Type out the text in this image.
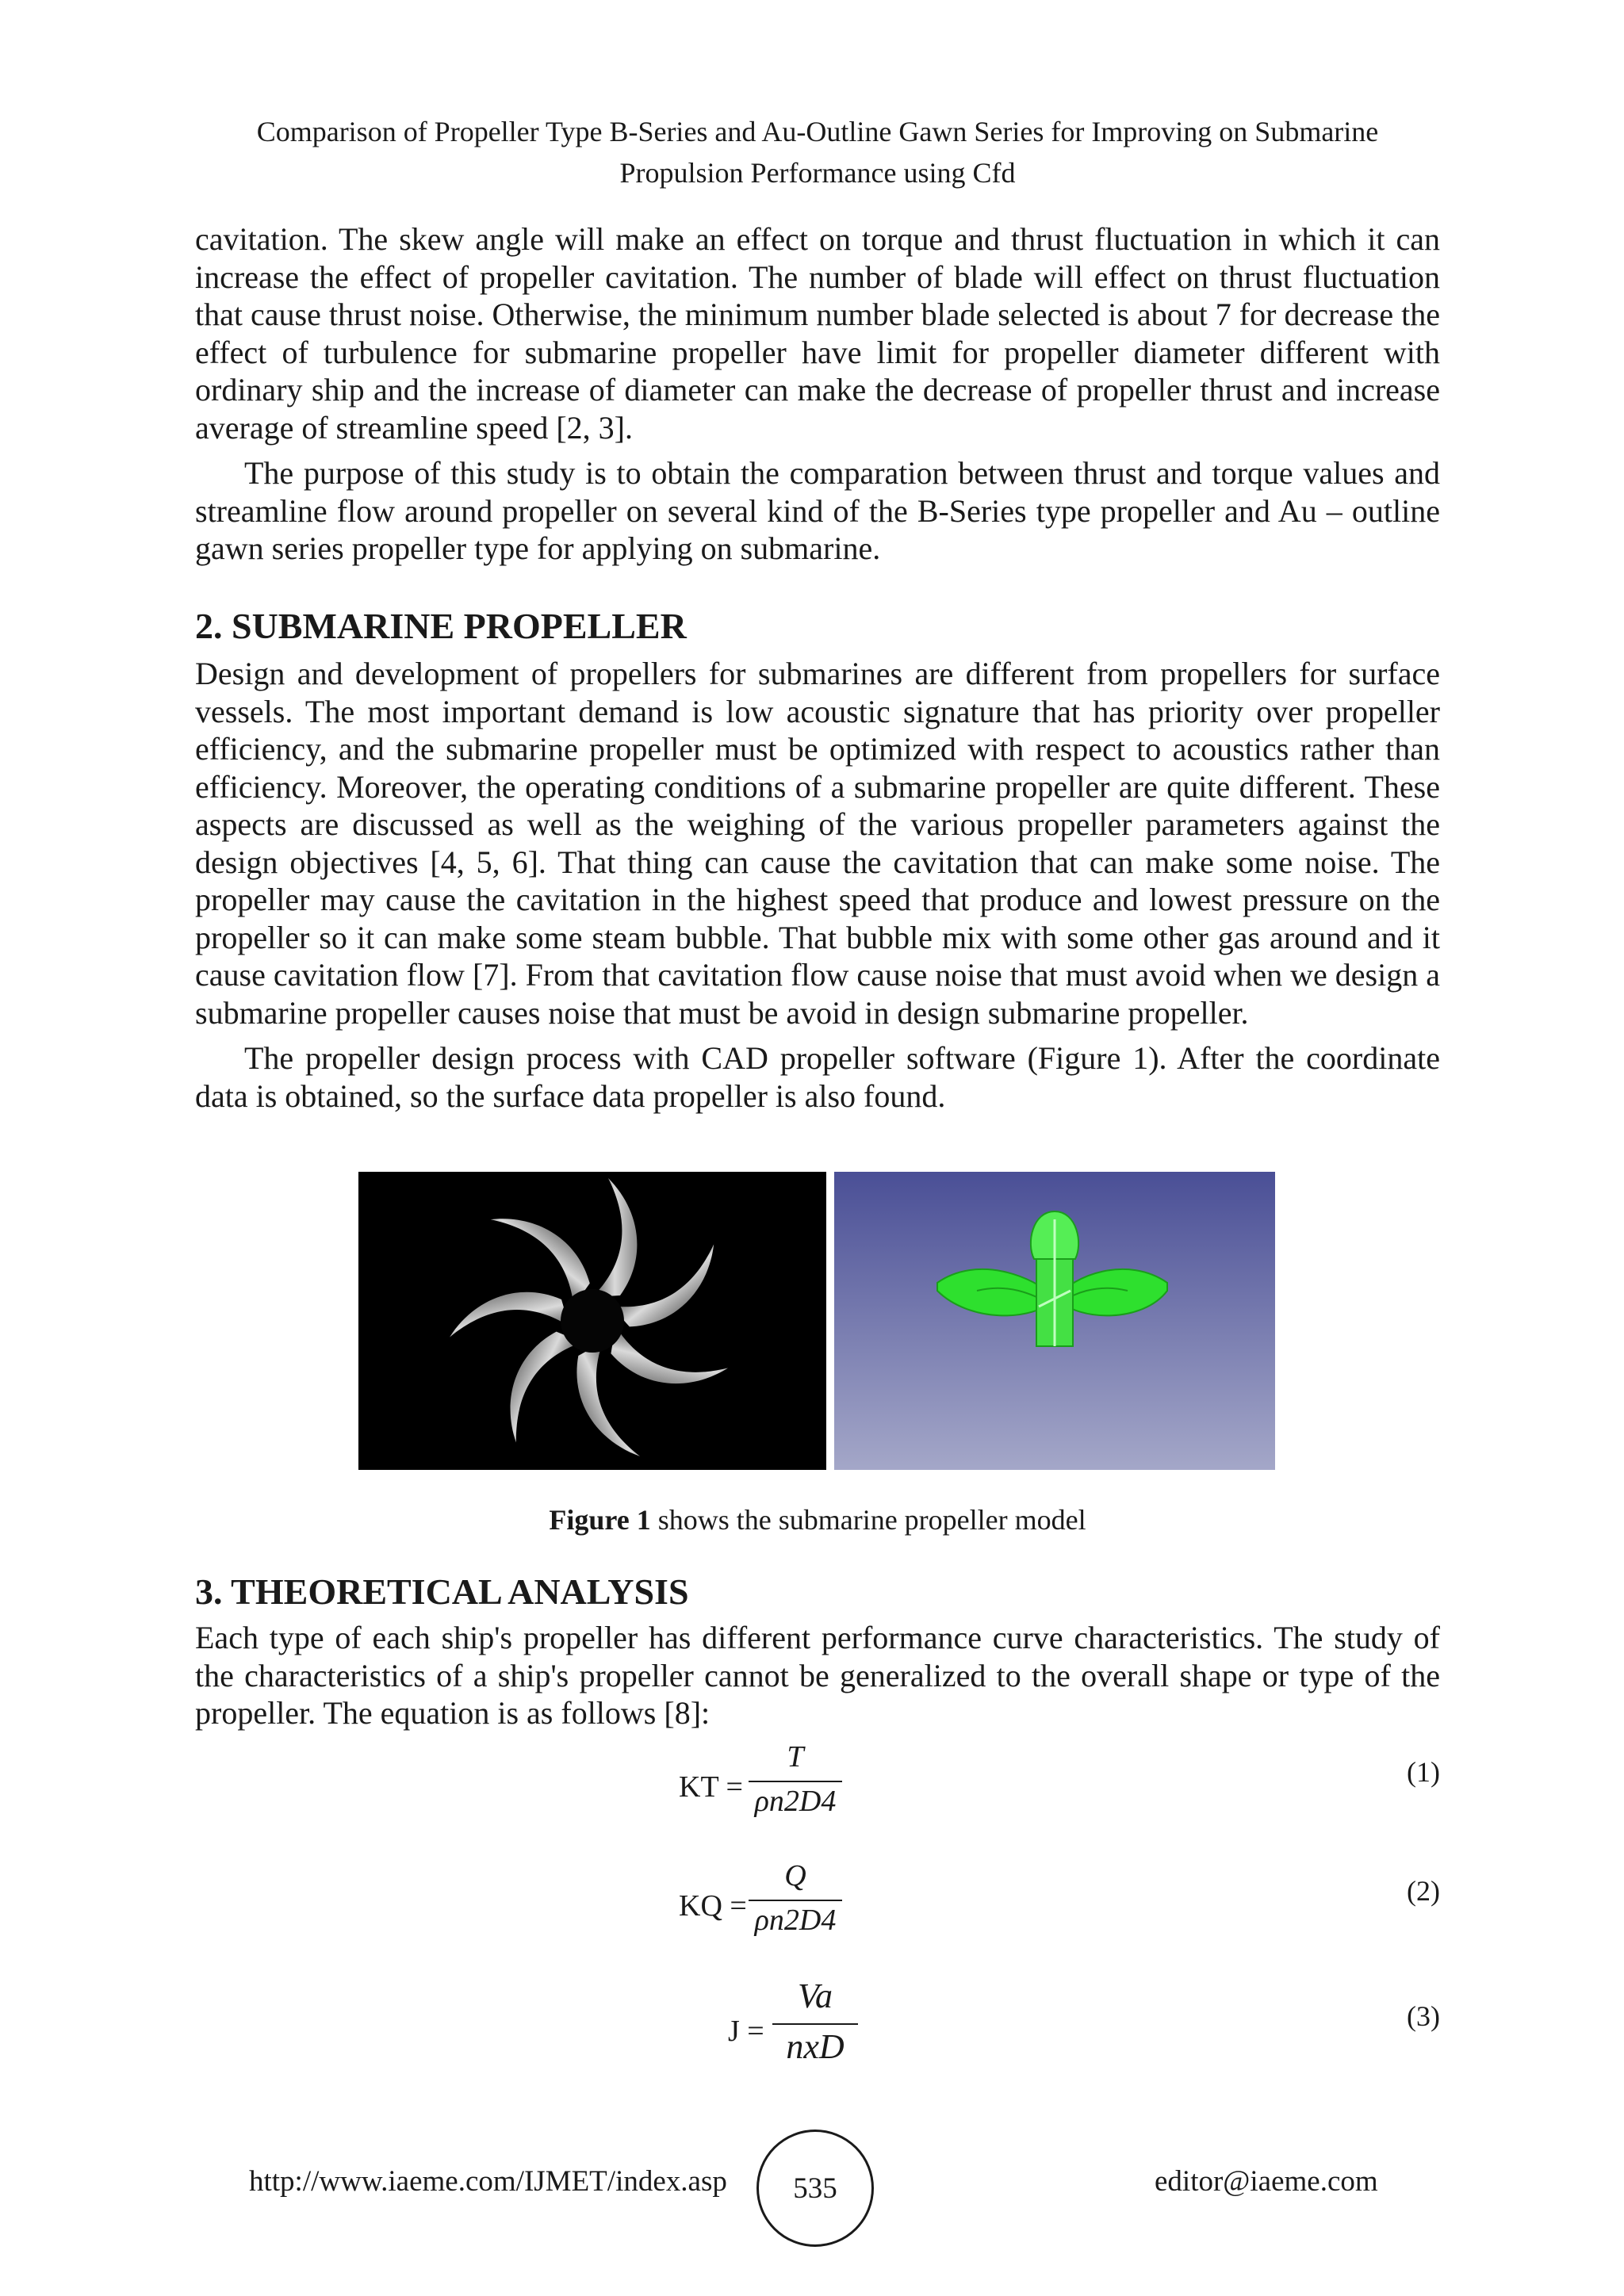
Comparison of Propeller Type B-Series and Au-Outline Gawn Series for Improving on Submarine
Propulsion Performance using Cfd

cavitation. The skew angle will make an effect on torque and thrust fluctuation in which it can increase the effect of propeller cavitation. The number of blade will effect on thrust fluctuation that cause thrust noise. Otherwise, the minimum number blade selected is about 7 for decrease the effect of turbulence for submarine propeller have limit for propeller diameter different with ordinary ship and the increase of diameter can make the decrease of propeller thrust and increase average of streamline speed [2, 3].

The purpose of this study is to obtain the comparation between thrust and torque values and streamline flow around propeller on several kind of the B-Series type propeller and Au – outline gawn series propeller type for applying on submarine.

2. SUBMARINE PROPELLER

Design and development of propellers for submarines are different from propellers for surface vessels. The most important demand is low acoustic signature that has priority over propeller efficiency, and the submarine propeller must be optimized with respect to acoustics rather than efficiency. Moreover, the operating conditions of a submarine propeller are quite different. These aspects are discussed as well as the weighing of the various propeller parameters against the design objectives [4, 5, 6]. That thing can cause the cavitation that can make some noise. The propeller may cause the cavitation in the highest speed that produce and lowest pressure on the propeller so it can make some steam bubble. That bubble mix with some other gas around and it cause cavitation flow [7]. From that cavitation flow cause noise that must avoid when we design a submarine propeller causes noise that must be avoid in design submarine propeller.

The propeller design process with CAD propeller software (Figure 1). After the coordinate data is obtained, so the surface data propeller is also found.

Figure 1 shows the submarine propeller model
3. THEORETICAL ANALYSIS

Each type of each ship's propeller has different performance curve characteristics. The study of the characteristics of a ship's propeller cannot be generalized to the overall shape or type of the propeller. The equation is as follows [8]:

KT =
T
ρn2D4
(1)
KQ =
Q
ρn2D4
(2)
J =
Va
nxD
(3)
http://www.iaeme.com/IJMET/index.asp 535	editor@iaeme.com
